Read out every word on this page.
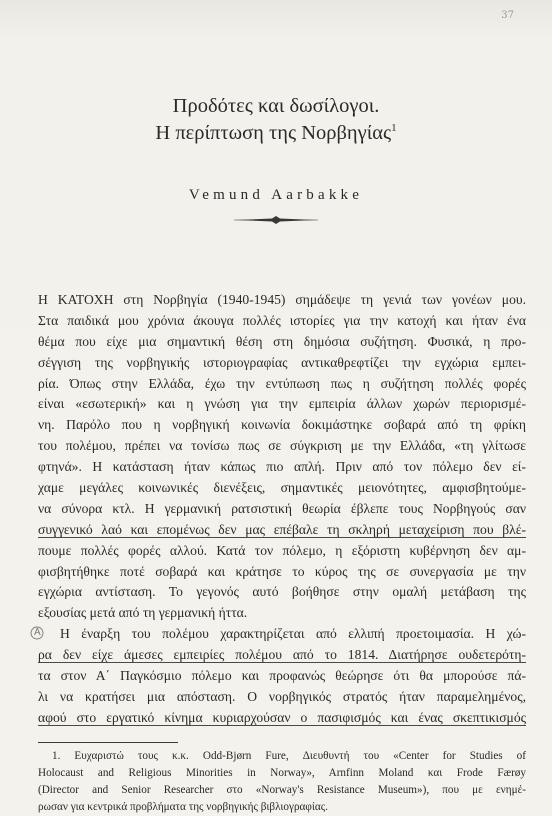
37
Προδότες και δωσίλογοι.
Η περίπτωση της Νορβηγίας$^1$
Vemund Aarbakke
Η ΚΑΤΟΧΗ στη Νορβηγία (1940-1945) σημάδεψε τη γενιά των γονέων μου.
Στα παιδικά μου χρόνια άκουγα πολλές ιστορίες για την κατοχή και ήταν ένα
θέμα που είχε μια σημαντική θέση στη δημόσια συζήτηση. Φυσικά, η προ-
σέγγιση της νορβηγικής ιστοριογραφίας αντικαθρεφτίζει την εγχώρια εμπει-
ρία. Όπως στην Ελλάδα, έχω την εντύπωση πως η συζήτηση πολλές φορές
είναι «εσωτερική» και η γνώση για την εμπειρία άλλων χωρών περιορισμέ-
νη. Παρόλο που η νορβηγική κοινωνία δοκιμάστηκε σοβαρά από τη φρίκη
του πολέμου, πρέπει να τονίσω πως σε σύγκριση με την Ελλάδα, «τη γλίτωσε
φτηνά». Η κατάσταση ήταν κάπως πιο απλή. Πριν από τον πόλεμο δεν εί-
χαμε μεγάλες κοινωνικές διενέξεις, σημαντικές μειονότητες, αμφισβητούμε-
να σύνορα κτλ. Η γερμανική ρατσιστική θεωρία έβλεπε τους Νορβηγούς σαν
συγγενικό λαό και επομένως δεν μας επέβαλε τη σκληρή μεταχείριση που βλέ-
πουμε πολλές φορές αλλού. Κατά τον πόλεμο, η εξόριστη κυβέρνηση δεν αμ-
φισβητήθηκε ποτέ σοβαρά και κράτησε το κύρος της σε συνεργασία με την
εγχώρια αντίσταση. Το γεγονός αυτό βοήθησε στην ομαλή μετάβαση της
εξουσίας μετά από τη γερμανική ήττα.
Η έναρξη του πολέμου χαρακτηρίζεται από ελλιπή προετοιμασία. Η χώ-
ρα δεν είχε άμεσες εμπειρίες πολέμου από το 1814. Διατήρησε ουδετερότη-
τα στον Α΄ Παγκόσμιο πόλεμο και προφανώς θεώρησε ότι θα μπορούσε πά-
λι να κρατήσει μια απόσταση. Ο νορβηγικός στρατός ήταν παραμελημένος,
αφού στο εργατικό κίνημα κυριαρχούσαν ο πασιφισμός και ένας σκεπτικισμός
A
1. Ευχαριστώ τους κ.κ. Odd-Bjørn Fure, Διευθυντή του «Center for Studies of
Holocaust and Religious Minorities in Norway», Arnfinn Moland και Frode Færøy
(Director and Senior Researcher στο «Norway's Resistance Museum»), που με ενημέ-
ρωσαν για κεντρικά προβλήματα της νορβηγικής βιβλιογραφίας.
